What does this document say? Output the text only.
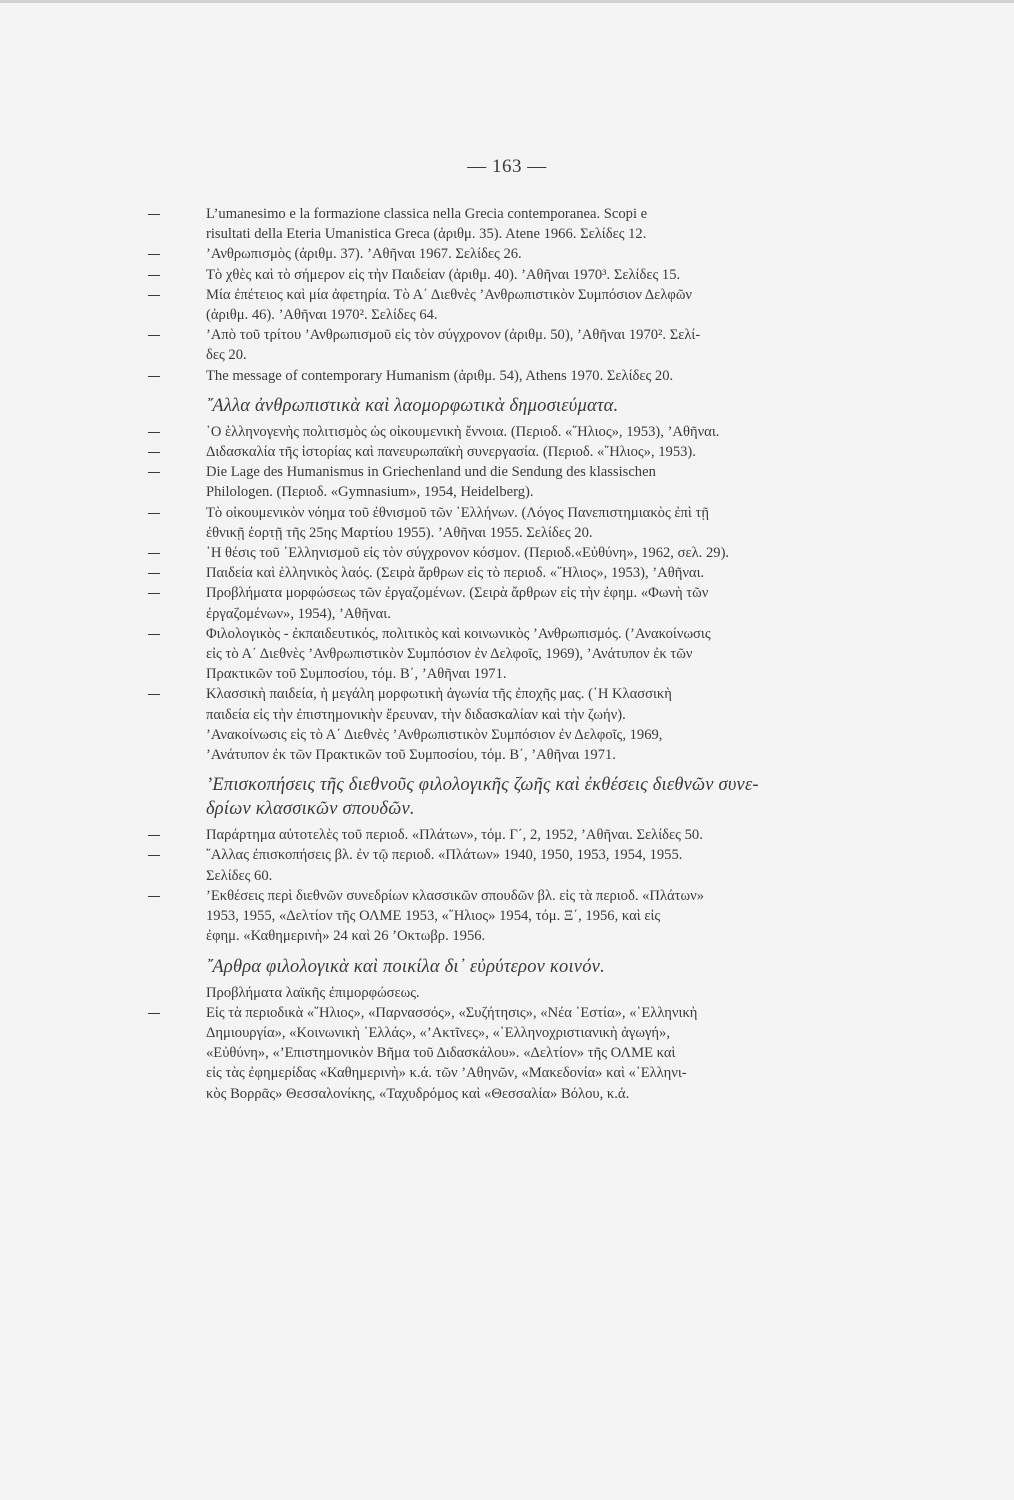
— 163 —
L’umanesimo e la formazione classica nella Grecia contemporanea. Scopi e
risultati della Eteria Umanistica Greca (ἀριθμ. 35). Atene 1966. Σελίδες 12.
’Ανθρωπισμὸς (ἀριθμ. 37). ’Αθῆναι 1967. Σελίδες 26.
Τὸ χθὲς καὶ τὸ σήμερον εἰς τὴν Παιδείαν (ἀριθμ. 40). ’Αθῆναι 1970³. Σελίδες 15.
Μία ἐπέτειος καὶ μία ἀφετηρία. Τὸ Α΄ Διεθνὲς ’Ανθρωπιστικὸν Συμπόσιον Δελφῶν
(ἀριθμ. 46). ’Αθῆναι 1970². Σελίδες 64.
’Απὸ τοῦ τρίτου ’Ανθρωπισμοῦ εἰς τὸν σύγχρονον (ἀριθμ. 50), ’Αθῆναι 1970². Σελί-
δες 20.
The message of contemporary Humanism (ἀριθμ. 54), Athens 1970. Σελίδες 20.
῎Αλλα ἀνθρωπιστικὰ καὶ λαομορφωτικὰ δημοσιεύματα.
῾Ο ἑλληνογενὴς πολιτισμὸς ὡς οἰκουμενικὴ ἔννοια. (Περιοδ. «῞Ηλιος», 1953), ’Αθῆναι.
Διδασκαλία τῆς ἱστορίας καὶ πανευρωπαϊκὴ συνεργασία. (Περιοδ. «῞Ηλιος», 1953).
Die Lage des Humanismus in Griechenland und die Sendung des klassischen
Philologen. (Περιοδ. «Gymnasium», 1954, Heidelberg).
Τὸ οἰκουμενικὸν νόημα τοῦ ἐθνισμοῦ τῶν ῾Ελλήνων. (Λόγος Πανεπιστημιακὸς ἐπὶ τῇ
ἐθνικῇ ἑορτῇ τῆς 25ης Μαρτίου 1955). ’Αθῆναι 1955. Σελίδες 20.
῾Η θέσις τοῦ ῾Ελληνισμοῦ εἰς τὸν σύγχρονον κόσμον. (Περιοδ.«Εὐθύνη», 1962, σελ. 29).
Παιδεία καὶ ἑλληνικὸς λαός. (Σειρὰ ἄρθρων εἰς τὸ περιοδ. «῞Ηλιος», 1953), ’Αθῆναι.
Προβλήματα μορφώσεως τῶν ἐργαζομένων. (Σειρὰ ἄρθρων εἰς τὴν ἐφημ. «Φωνὴ τῶν
ἐργαζομένων», 1954), ’Αθῆναι.
Φιλολογικὸς - ἐκπαιδευτικός, πολιτικὸς καὶ κοινωνικὸς ’Ανθρωπισμός. (’Ανακοίνωσις
εἰς τὸ Α΄ Διεθνὲς ’Ανθρωπιστικὸν Συμπόσιον ἐν Δελφοῖς, 1969), ’Ανάτυπον ἐκ τῶν
Πρακτικῶν τοῦ Συμποσίου, τόμ. Β΄, ’Αθῆναι 1971.
Κλασσικὴ παιδεία, ἡ μεγάλη μορφωτικὴ ἀγωνία τῆς ἐποχῆς μας. (῾Η Κλασσικὴ
παιδεία εἰς τὴν ἐπιστημονικὴν ἔρευναν, τὴν διδασκαλίαν καὶ τὴν ζωήν).
’Ανακοίνωσις εἰς τὸ Α΄ Διεθνὲς ’Ανθρωπιστικὸν Συμπόσιον ἐν Δελφοῖς, 1969,
’Ανάτυπον ἐκ τῶν Πρακτικῶν τοῦ Συμποσίου, τόμ. Β΄, ’Αθῆναι 1971.
’Επισκοπήσεις τῆς διεθνοῦς φιλολογικῆς ζωῆς καὶ ἐκθέσεις διεθνῶν συνε-
δρίων κλασσικῶν σπουδῶν.
Παράρτημα αὐτοτελὲς τοῦ περιοδ. «Πλάτων», τόμ. Γ΄, 2, 1952, ’Αθῆναι. Σελίδες 50.
῎Αλλας ἐπισκοπήσεις βλ. ἐν τῷ περιοδ. «Πλάτων» 1940, 1950, 1953, 1954, 1955.
Σελίδες 60.
’Εκθέσεις περὶ διεθνῶν συνεδρίων κλασσικῶν σπουδῶν βλ. εἰς τὰ περιοδ. «Πλάτων»
1953, 1955, «Δελτίον τῆς ΟΛΜΕ 1953, «῞Ηλιος» 1954, τόμ. Ξ΄, 1956, καὶ εἰς
ἐφημ. «Καθημερινὴ» 24 καὶ 26 ’Οκτωβρ. 1956.
῎Αρθρα φιλολογικὰ καὶ ποικίλα δι᾽ εὐρύτερον κοινόν.
Προβλήματα λαϊκῆς ἐπιμορφώσεως.
Εἰς τὰ περιοδικὰ «῞Ηλιος», «Παρνασσός», «Συζήτησις», «Νέα ῾Εστία», «῾Ελληνικὴ
Δημιουργία», «Κοινωνικὴ ῾Ελλάς», «’Ακτῖνες», «῾Ελληνοχριστιανικὴ ἀγωγή»,
«Εὐθύνη», «’Επιστημονικὸν Βῆμα τοῦ Διδασκάλου». «Δελτίον» τῆς ΟΛΜΕ καὶ
εἰς τὰς ἐφημερίδας «Καθημερινὴ» κ.ά. τῶν ’Αθηνῶν, «Μακεδονία» καὶ «῾Ελληνι-
κὸς Βορρᾶς» Θεσσαλονίκης, «Ταχυδρόμος καὶ «Θεσσαλία» Βόλου, κ.ά.
